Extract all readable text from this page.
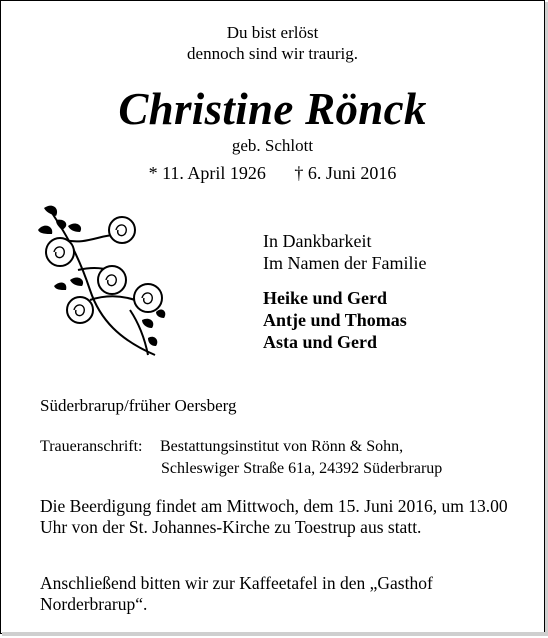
Du bist erlöst
dennoch sind wir traurig.
Christine Rönck
geb. Schlott
* 11. April 1926 † 6. Juni 2016
In Dankbarkeit
Im Namen der Familie
Heike und Gerd
Antje und Thomas
Asta und Gerd
Süderbrarup/früher Oersberg
Traueranschrift: Bestattungsinstitut von Rönn & Sohn,
Schleswiger Straße 61a, 24392 Süderbrarup
Die Beerdigung findet am Mittwoch, dem 15. Juni 2016, um 13.00 Uhr von der St. Johannes-Kirche zu Toestrup aus statt.
Anschließend bitten wir zur Kaffeetafel in den „Gasthof Norderbrarup“.
